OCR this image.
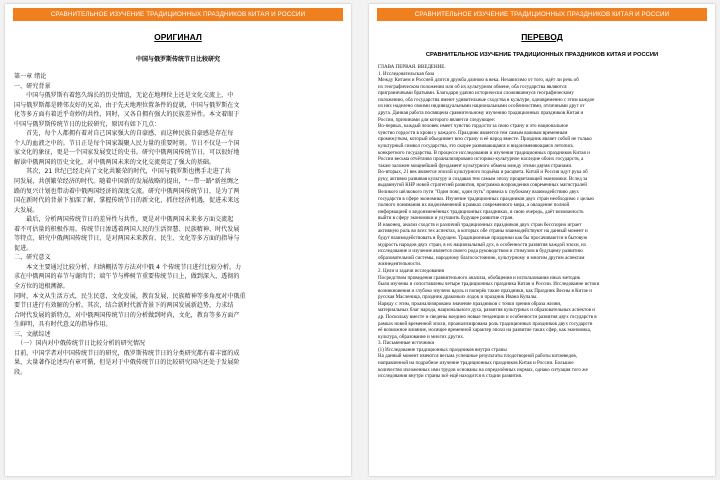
СРАВНИТЕЛЬНОЕ ИЗУЧЕНИЕ ТРАДИЦИОННЫХ ПРАЗДНИКОВ КИТАЯ И РОССИИ
ОРИГИНАЛ
中国与俄罗斯传统节日比较研究
第一章 绪论
一、研究背景
　　中国与俄罗斯有着悠久绵长的历史情谊，无论在地理位上还是文化交流上，中
国与俄罗斯都是睦邻友好的兄弟，由于先天地理位置条件的促就，中国与俄罗斯在文
化等多方面有着近乎奇妙的共性，同时，又各自拥有强大的民族差异性。本文着眼于
中国与俄罗斯传统节日的比较研究，原因有如下几点：
　　首先，每个人都拥有着对自己国家强大的自豪感，而这种民族自豪感是存在每
个人的血液之中的。节日正是每个国家凝聚人民力量的重要时刻。节日不仅是一个国
家文化的象征，更是一个国家发展变迁的史书。研究中俄两国传统节日，可以很好地
解读中俄两国的历史文化，对中俄两国未来的文化交流奠定了强大的基础。
　　其次，21 世纪已经走向了文化共繁荣的时代，中国与俄罗斯也携手走进了共
同发展，共创繁荣经济的时代。随着中国新的发展战略的提出，"一带一路"新丝绸之
路的复兴计划也带动着中俄两国经济的深度交流。研究中俄两国传统节日，是为了两
国在新时代的背景下加深了解，掌握传统节日的新文化，抓住经济机遇，促进未来远
大发展。
　　最后，分析两国传统节日的差异性与共性，更是对中俄两国未来多方面交流起
着不可估量的积极作用。传统节日渗透着两国人民的生活智慧、民族精神、时代发展
等特点，研究中俄两国传统节日，是对两国未来教育、民生、文化等多方面的指导与
促进。
二、研究意义
　　本文主要通过比较分析、归纳概括等方法对中俄 4 个传统节日进行比较分析。力
求在中俄两国的春节与谢肉节；端午节与桦树节重要传统节日上，做到深入、透彻的
全方位的追根溯源。
同时，本文从生活方式，民生民意，文化发展，教育发展，民族精神等多角度对中俄重
要节日进行有效解的分析。其次，结合新时代新背景下的两国发展新趋势，力求结
合时代发展的新特点，对中俄两国传统节日的分析做到时尚，文化，教育等多方面产
生鲜明，具有时代意义的指导作用。
三、文献综述
　（一）国内对中俄传统节日比较分析的研究情况
目前，中国学者对中国传统节日的研究，俄罗斯传统节日的分类研究都有着丰富的成
果，大量著作论述均有章可循，但是对于中俄传统节日的比较研究国内还处于发展阶
段。
СРАВНИТЕЛЬНОЕ ИЗУЧЕНИЕ ТРАДИЦИОННЫХ ПРАЗДНИКОВ КИТАЯ И РОССИИ
ПЕРЕВОД
СРАВНИТЕЛЬНОЕ ИЗУЧЕНИЕ ТРАДИЦИОННЫХ ПРАЗДНИКОВ КИТАЯ И РОССИИ
ГЛАВА ПЕРВАЯ. ВВЕДЕНИЕ.
1. Исследовательская база
Между Китаем и Россией длится дружба длиною в века. Независимо от того, идёт ли речь об
их географическом положении или об их культурном обмене, оба государства являются
приграничными братьями. Благодаря удачно исторически сложившемуся географическому
положению, оба государства имеют удивительные сходства в культуре, одновременно с этим каждое
из них наделено своими индивидуальными национальными особенностями, отличными друг от
друга. Данная работа посвящена сравнительному изучению традиционных праздников Китая и
России, причинами для которого является следующее:
Во-первых, каждый человек имеет чувство гордости за свою страну и это национальное
чувство гордости в крови у каждого. Праздник является тем самым важным временным
промежутком, который объединяет всю страну и её народ вместе. Праздник являет собой не только
культурный символ государства, это скорее развивающаяся и видоизменяющаяся летопись
конкретного государства. В процессе исследования и изучения традиционных праздников Китая и
России весьма отчётливо проанализировано историко-культурное наследие обоих государств, а
также заложен мощнейший фундамент культурного обмена между этими двумя странами.
Во-вторых, 21 век является эпохой культурного подъёма и расцвета. Китай и Россия идут рука об
руку, активно развивая культуру и создавая тем самым эпоху процветающей экономики. Вслед за
выдвинутой КНР новой стратегией развития, программа возрождения современных магистралей
Великого шёлкового пути "Один пояс, один путь" привела к глубокому взаимодействию двух
государств в сфере экономики. Изучение традиционных праздников двух стран необходимо с целью
полного понимания их видоизменений в рамках современного мира, а овладение полной
информацией о видоизменённых традиционных праздниках, в свою очередь, даёт возможность
выйти в сферу экономики и улучшить будущее развитие стран.
И наконец, анализ сходств и различий традиционных праздников двух стран бесспорно играет
активную роль во всех тех аспектах, в которых обе страны взаимодействуют на данный момент и
будут взаимодействовать в будущем. Традиционные праздники как бы просачиваются в бытовую
мудрость народов двух стран, в их национальный дух, в особенности развития каждой эпохи, их
исследование и изучение является своего рода руководством и стимулом в будущему развитию
образовательной системы, народному благосостоянию, культурному и многим другим аспектам
жизнедеятельности.
2. Цели и задачи исследования
Посредством проведения сравнительного анализа, обобщения и использования иных методик
были изучены и сопоставлены четыре традиционных праздника Китая и России. Исследование истоки
возникновения и глубоко изучено вдоль и поперёк такие праздники, как Праздник Весны в Китае и
русская Масленица, праздник драконьих лодок и праздник Ивана Купалы.
Наряду с этим, проанализировано значение праздников с точки зрения образа жизни,
материальных благ народа, национального духа, развития культурных и образовательных аспектов и
др. Поскольку вместе и сведены воедино новые тенденции и особенности развития двух государств в
рамках новой временной эпохи, проанализирована роль традиционных праздников двух государств
её возможное влияние, носящее временной характер эпохи на развитие таких сфер, как экономика,
культура, образование и многих других.
3. Письменные источники
(1) Исследование традиционных праздников внутри страны
На данный момент имеются весьма успешные результаты плодотворной работы китаеведов,
направленной на подробное изучение традиционных праздников Китая и России. Большое
количество изложенных ими трудов основаны на определённых нормах, однако ситуация того же
исследования внутри страны всё ещё находится в стадии развития.
